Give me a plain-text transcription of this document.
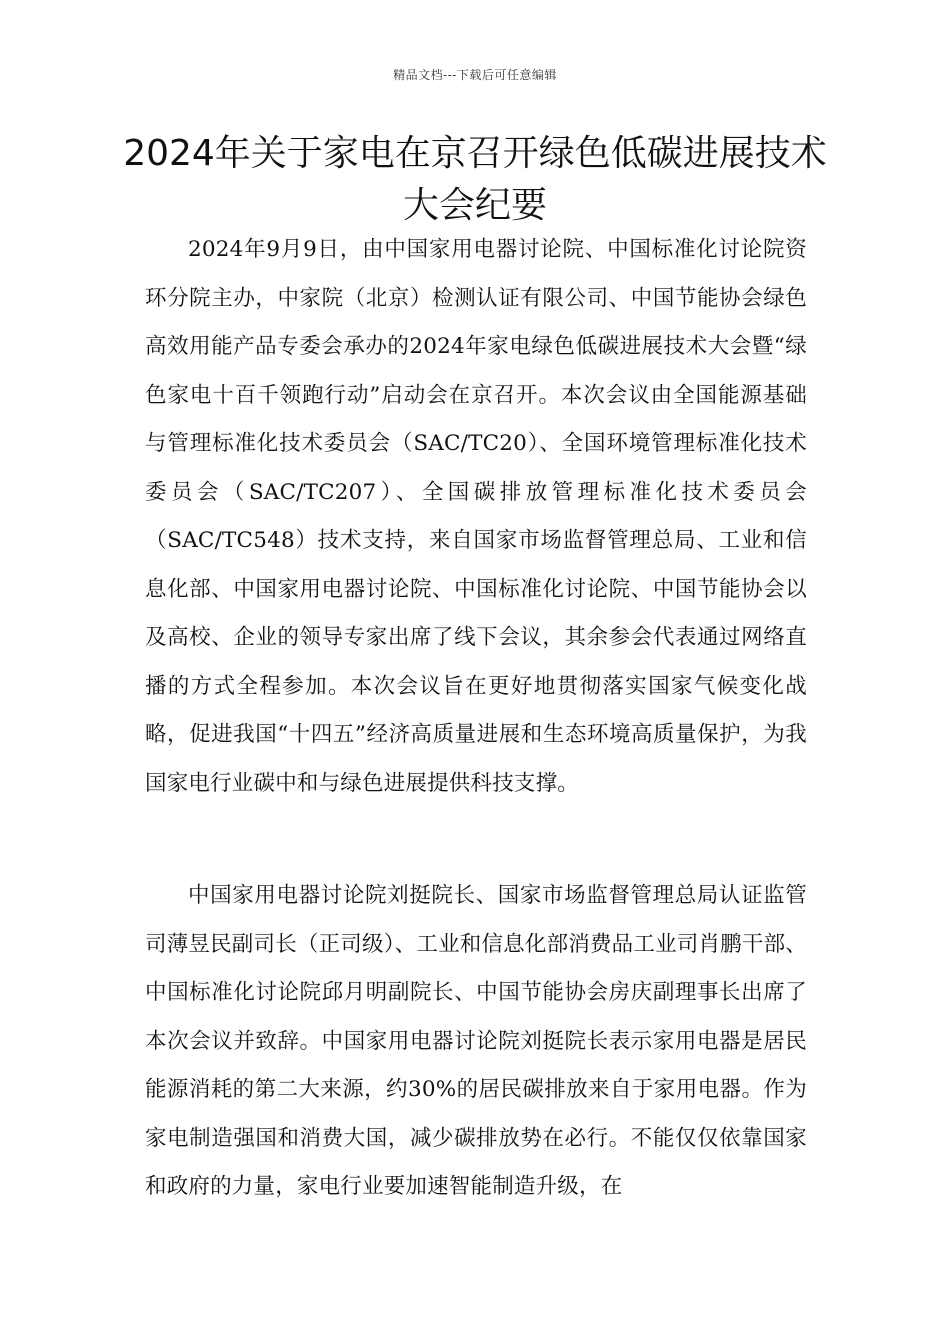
精品文档---下载后可任意编辑
2024年关于家电在京召开绿色低碳进展技术大会纪要

2024年9月9日，由中国家用电器讨论院、中国标准化讨论院资环分院主办，中家院（北京）检测认证有限公司、中国节能协会绿色高效用能产品专委会承办的2024年家电绿色低碳进展技术大会暨“绿色家电十百千领跑行动”启动会在京召开。本次会议由全国能源基础与管理标准化技术委员会（SAC/TC20）、全国环境管理标准化技术委员会（SAC/TC207）、全国碳排放管理标准化技术委员会（SAC/TC548）技术支持，来自国家市场监督管理总局、工业和信息化部、中国家用电器讨论院、中国标准化讨论院、中国节能协会以及高校、企业的领导专家出席了线下会议，其余参会代表通过网络直播的方式全程参加。本次会议旨在更好地贯彻落实国家气候变化战略，促进我国“十四五”经济高质量进展和生态环境高质量保护，为我国家电行业碳中和与绿色进展提供科技支撑。

中国家用电器讨论院刘挺院长、国家市场监督管理总局认证监管司薄昱民副司长（正司级）、工业和信息化部消费品工业司肖鹏干部、中国标准化讨论院邱月明副院长、中国节能协会房庆副理事长出席了本次会议并致辞。中国家用电器讨论院刘挺院长表示家用电器是居民能源消耗的第二大来源，约30%的居民碳排放来自于家用电器。作为家电制造强国和消费大国，减少碳排放势在必行。不能仅仅依靠国家和政府的力量，家电行业要加速智能制造升级，在
